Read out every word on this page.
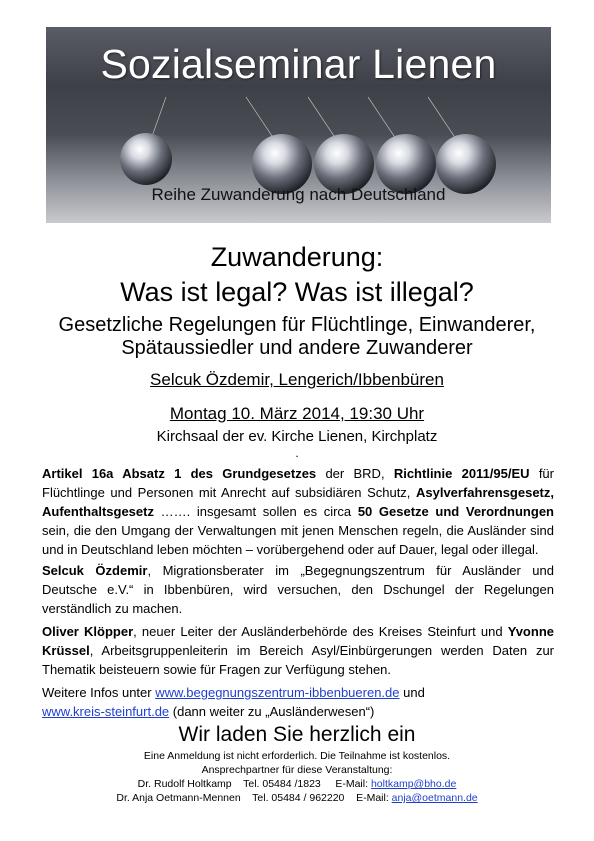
Sozialseminar Lienen
Reihe Zuwanderung nach Deutschland
Zuwanderung:
Was ist legal? Was ist illegal?
Gesetzliche Regelungen für Flüchtlinge, Einwanderer,
Spätaussiedler und andere Zuwanderer
Selcuk Özdemir, Lengerich/Ibbenbüren
Montag 10. März 2014, 19:30 Uhr
Kirchsaal der ev. Kirche Lienen, Kirchplatz
.
Artikel 16a Absatz 1 des Grundgesetzes der BRD, Richtlinie 2011/95/EU für Flüchtlinge und Personen mit Anrecht auf subsidiären Schutz, Asylverfahrensgesetz, Aufenthaltsgesetz ……. insgesamt sollen es circa 50 Gesetze und Verordnungen sein, die den Umgang der Verwaltungen mit jenen Menschen regeln, die Ausländer sind und in Deutschland leben möchten – vorübergehend oder auf Dauer, legal oder illegal.
Selcuk Özdemir, Migrationsberater im „Begegnungszentrum für Ausländer und Deutsche e.V.“ in Ibbenbüren, wird versuchen, den Dschungel der Regelungen verständlich zu machen.
Oliver Klöpper, neuer Leiter der Ausländerbehörde des Kreises Steinfurt und Yvonne Krüssel, Arbeitsgruppenleiterin im Bereich Asyl/Einbürgerungen werden Daten zur Thematik beisteuern sowie für Fragen zur Verfügung stehen.
Weitere Infos unter www.begegnungszentrum-ibbenbueren.de und
www.kreis-steinfurt.de (dann weiter zu „Ausländerwesen“)
Wir laden Sie herzlich ein
Eine Anmeldung ist nicht erforderlich. Die Teilnahme ist kostenlos.
Ansprechpartner für diese Veranstaltung:
Dr. Rudolf Holtkamp    Tel. 05484 /1823     E-Mail: holtkamp@bho.de
Dr. Anja Oetmann-Mennen    Tel. 05484 / 962220    E-Mail: anja@oetmann.de
